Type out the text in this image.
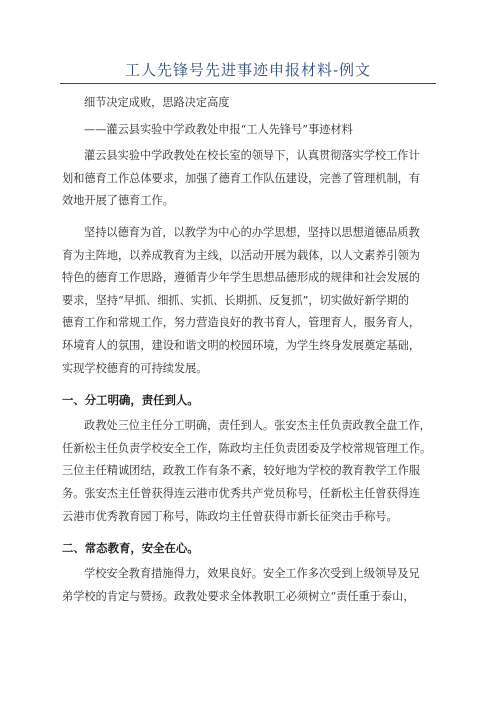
工人先锋号先进事迹申报材料-例文

细节决定成败，思路决定高度

——灌云县实验中学政教处申报“工人先锋号”事迹材料

灌云县实验中学政教处在校长室的领导下，认真贯彻落实学校工作计

划和德育工作总体要求，加强了德育工作队伍建设，完善了管理机制，有

效地开展了德育工作。

坚持以德育为首，以教学为中心的办学思想，坚持以思想道德品质教

育为主阵地，以养成教育为主线，以活动开展为载体，以人文素养引领为

特色的德育工作思路，遵循青少年学生思想品德形成的规律和社会发展的

要求，坚持“早抓、细抓、实抓、长期抓、反复抓”，切实做好新学期的

德育工作和常规工作，努力营造良好的教书育人，管理育人，服务育人，

环境育人的氛围，建设和谐文明的校园环境，为学生终身发展奠定基础，

实现学校德育的可持续发展。

一、分工明确，责任到人。

政教处三位主任分工明确，责任到人。张安杰主任负责政教全盘工作，

任新松主任负责学校安全工作，陈政均主任负责团委及学校常规管理工作。

三位主任精诚团结，政教工作有条不紊，较好地为学校的教育教学工作服

务。张安杰主任曾获得连云港市优秀共产党员称号，任新松主任曾获得连

云港市优秀教育园丁称号，陈政均主任曾获得市新长征突击手称号。

二、常态教育，安全在心。

学校安全教育措施得力，效果良好。安全工作多次受到上级领导及兄

弟学校的肯定与赞扬。政教处要求全体教职工必须树立“责任重于泰山，
